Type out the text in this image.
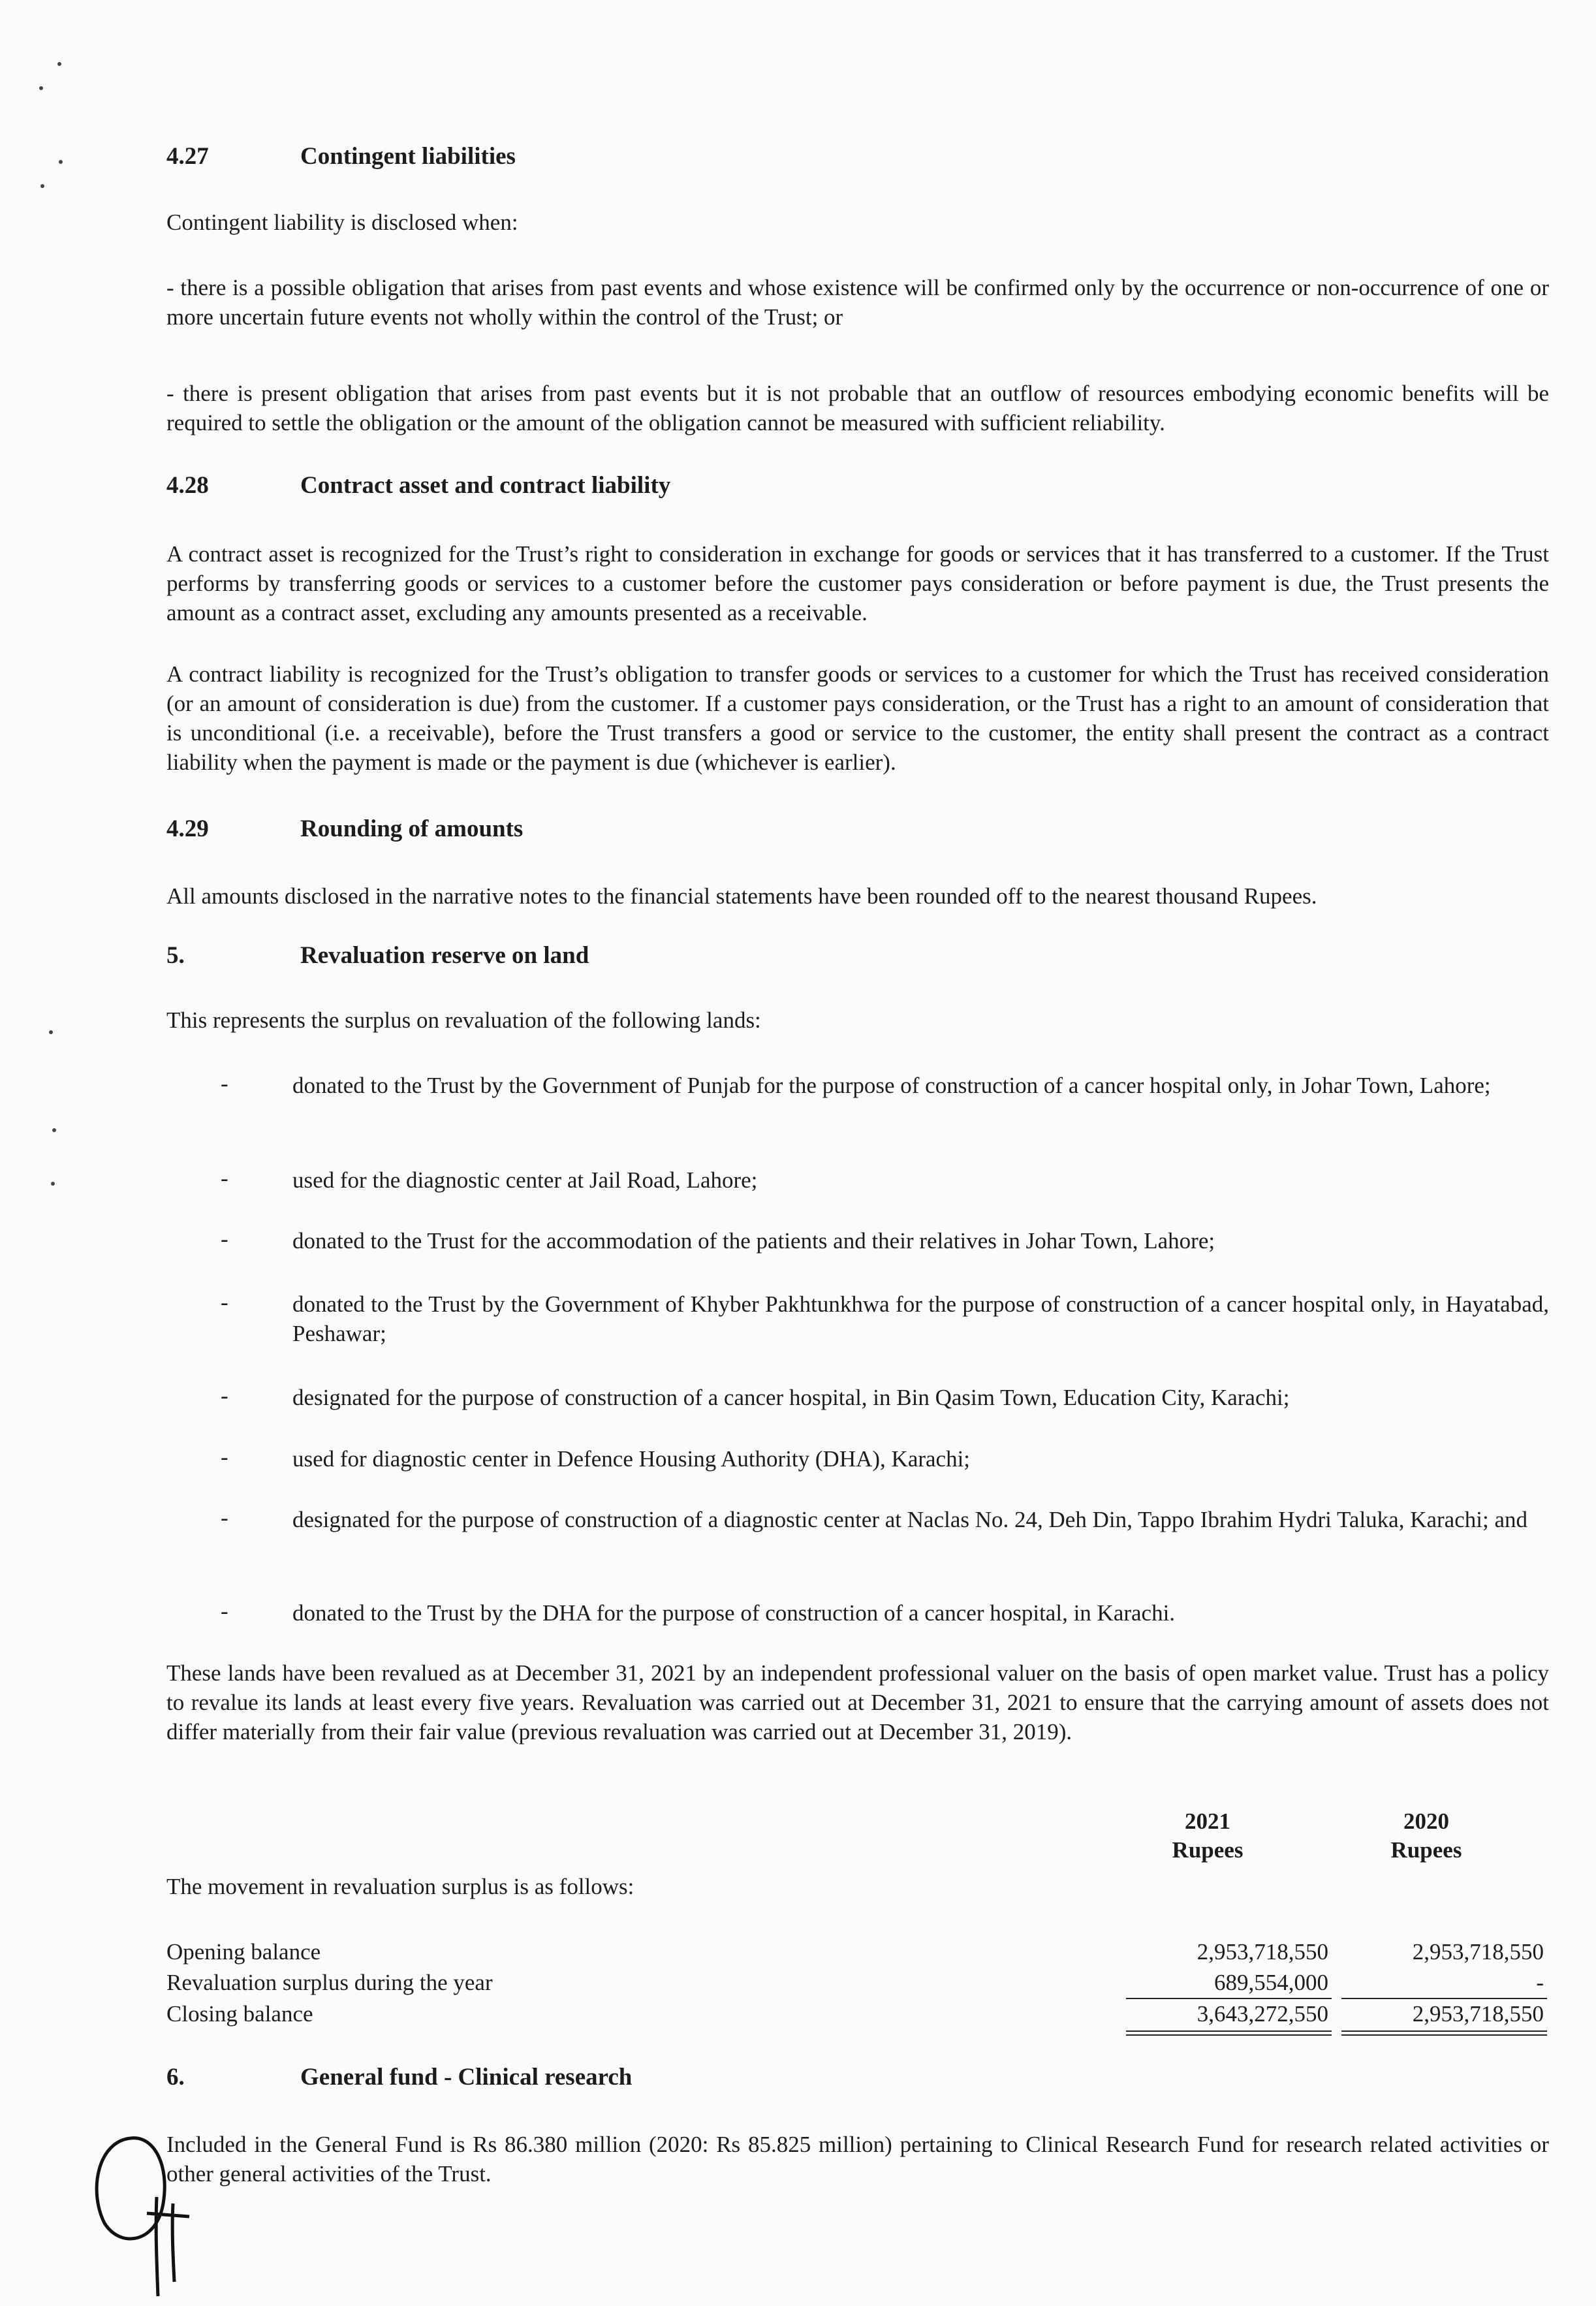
4.27	Contingent liabilities

Contingent liability is disclosed when:

- there is a possible obligation that arises from past events and whose existence will be confirmed only by the occurrence or non-occurrence of one or more uncertain future events not wholly within the control of the Trust; or

- there is present obligation that arises from past events but it is not probable that an outflow of resources embodying economic benefits will be required to settle the obligation or the amount of the obligation cannot be measured with sufficient reliability.

4.28	Contract asset and contract liability

A contract asset is recognized for the Trust’s right to consideration in exchange for goods or services that it has transferred to a customer. If the Trust performs by transferring goods or services to a customer before the customer pays consideration or before payment is due, the Trust presents the amount as a contract asset, excluding any amounts presented as a receivable.

A contract liability is recognized for the Trust’s obligation to transfer goods or services to a customer for which the Trust has received consideration (or an amount of consideration is due) from the customer. If a customer pays consideration, or the Trust has a right to an amount of consideration that is unconditional (i.e. a receivable), before the Trust transfers a good or service to the customer, the entity shall present the contract as a contract liability when the payment is made or the payment is due (whichever is earlier).

4.29	Rounding of amounts

All amounts disclosed in the narrative notes to the financial statements have been rounded off to the nearest thousand Rupees.

5.	Revaluation reserve on land

This represents the surplus on revaluation of the following lands:

-	donated to the Trust by the Government of Punjab for the purpose of construction of a cancer hospital only, in Johar Town, Lahore;

-	used for the diagnostic center at Jail Road, Lahore;

-	donated to the Trust for the accommodation of the patients and their relatives in Johar Town, Lahore;

-	donated to the Trust by the Government of Khyber Pakhtunkhwa for the purpose of construction of a cancer hospital only, in Hayatabad, Peshawar;

-	designated for the purpose of construction of a cancer hospital, in Bin Qasim Town, Education City, Karachi;

-	used for diagnostic center in Defence Housing Authority (DHA), Karachi;

-	designated for the purpose of construction of a diagnostic center at Naclas No. 24, Deh Din, Tappo Ibrahim Hydri Taluka, Karachi; and

-	donated to the Trust by the DHA for the purpose of construction of a cancer hospital, in Karachi.

These lands have been revalued as at December 31, 2021 by an independent professional valuer on the basis of open market value. Trust has a policy to revalue its lands at least every five years. Revaluation was carried out at December 31, 2021 to ensure that the carrying amount of assets does not differ materially from their fair value (previous revaluation was carried out at December 31, 2019).

2021
Rupees
2020
Rupees
The movement in revaluation surplus is as follows:
Opening balance	2,953,718,550	2,953,718,550
Revaluation surplus during the year	689,554,000	-
Closing balance	3,643,272,550	2,953,718,550
6.	General fund - Clinical research

Included in the General Fund is Rs 86.380 million (2020: Rs 85.825 million) pertaining to Clinical Research Fund for research related activities or other general activities of the Trust.
